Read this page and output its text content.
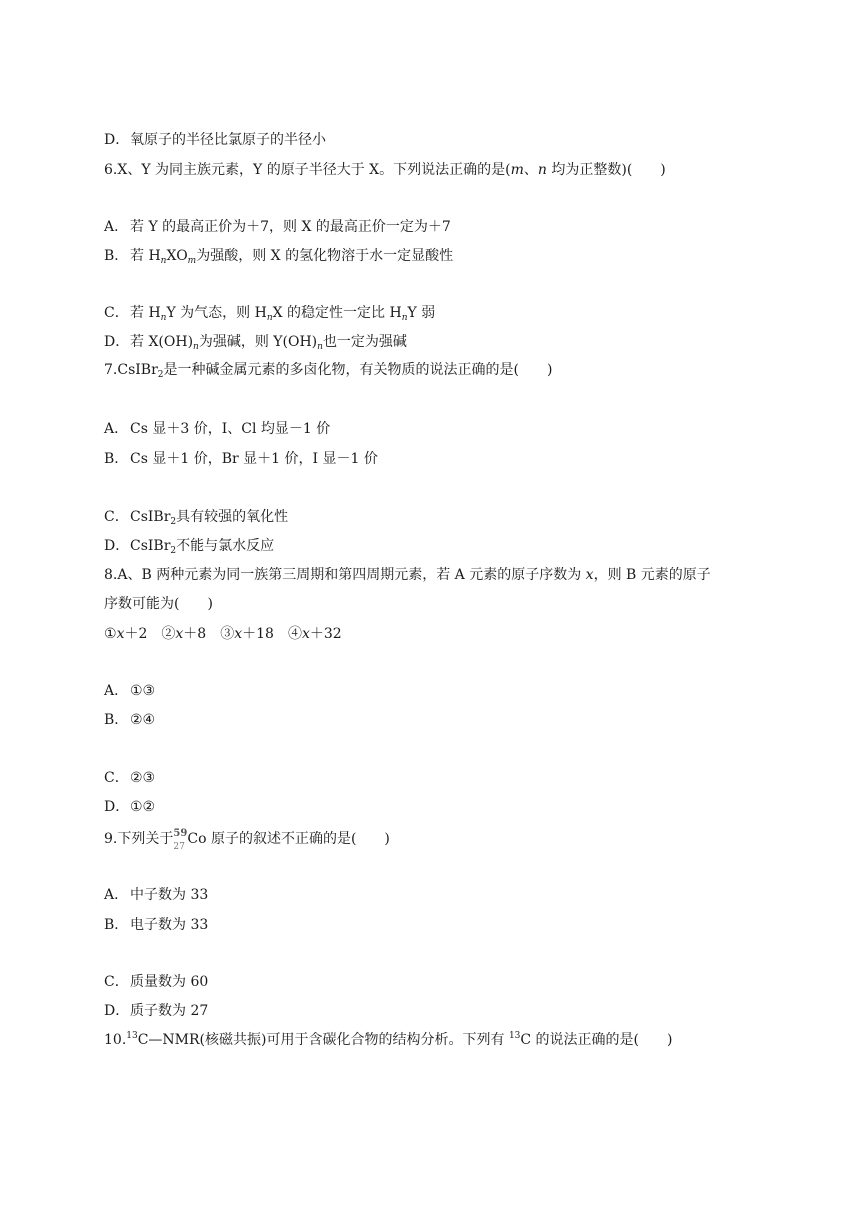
D．氧原子的半径比氯原子的半径小
6.X、Y 为同主族元素，Y 的原子半径大于 X。下列说法正确的是(m、n 均为正整数)(　　)
A． 若 Y 的最高正价为＋7，则 X 的最高正价一定为＋7
B． 若 $H_nXO_m$为强酸，则 X 的氢化物溶于水一定显酸性
C．若 $H_nY$ 为气态，则 $H_nX$ 的稳定性一定比 $H_nY$ 弱
D．若 $X(OH)_n$为强碱，则 $Y(OH)_n$也一定为强碱
7.CsIBr$_2$是一种碱金属元素的多卤化物，有关物质的说法正确的是(　　)
A． Cs 显＋3 价，I、Cl 均显－1 价
B． Cs 显＋1 价，Br 显＋1 价，I 显－1 价
C．CsIBr$_2$具有较强的氧化性
D．CsIBr$_2$不能与氯水反应
8.A、B 两种元素为同一族第三周期和第四周期元素，若 A 元素的原子序数为 x，则 B 元素的原子
序数可能为(　　)
①x＋2　②x＋8　③x＋18　④x＋32
A． ①③
B． ②④
C．②③
D．①②
9.下列关于 59
27 Co 原子的叙述不正确的是(　　)
A． 中子数为 33
B． 电子数为 33
C．质量数为 60
D．质子数为 27
10.13C—NMR(核磁共振)可用于含碳化合物的结构分析。下列有 $^{13}$C 的说法正确的是(　　)
